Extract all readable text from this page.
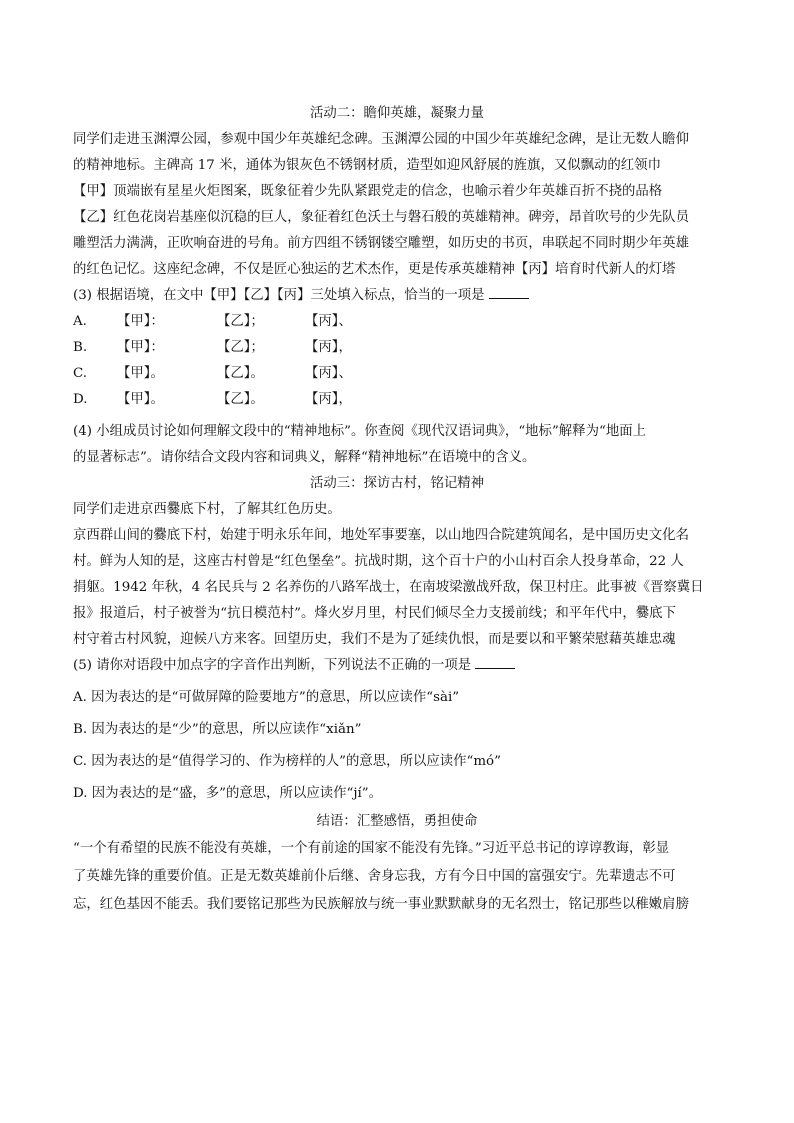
活动二：瞻仰英雄，凝聚力量
同学们走进玉渊潭公园，参观中国少年英雄纪念碑。玉渊潭公园的中国少年英雄纪念碑，是让无数人瞻仰
的精神地标。主碑高 17 米，通体为银灰色不锈钢材质，造型如迎风舒展的旌旗，又似飘动的红领巾
【甲】顶端嵌有星星火炬图案，既象征着少先队紧跟党走的信念，也喻示着少年英雄百折不挠的品格
【乙】红色花岗岩基座似沉稳的巨人，象征着红色沃土与磐石般的英雄精神。碑旁，昂首吹号的少先队员
雕塑活力满满，正吹响奋进的号角。前方四组不锈钢镂空雕塑，如历史的书页，串联起不同时期少年英雄
的红色记忆。这座纪念碑，不仅是匠心独运的艺术杰作，更是传承英雄精神【丙】培育时代新人的灯塔
(3) 根据语境，在文中【甲】【乙】【丙】三处填入标点，恰当的一项是
A.	【甲】：	【乙】；	【丙】、
B.	【甲】：	【乙】；	【丙】，
C.	【甲】。	【乙】。	【丙】、
D.	【甲】。	【乙】。	【丙】，
(4) 小组成员讨论如何理解文段中的“精神地标”。你查阅《现代汉语词典》，“地标”解释为“地面上
的显著标志”。请你结合文段内容和词典义，解释“精神地标”在语境中的含义。
活动三：探访古村，铭记精神
同学们走进京西爨底下村，了解其红色历史。
京西群山间的爨底下村，始建于明永乐年间，地处军事要塞，以山地四合院建筑闻名，是中国历史文化名
村。鲜为人知的是，这座古村曾是“红色堡垒”。抗战时期，这个百十户的小山村百余人投身革命，22 人
捐躯。1942 年秋，4 名民兵与 2 名养伤的八路军战士，在南坡梁激战歼敌，保卫村庄。此事被《晋察冀日
报》报道后，村子被誉为“抗日模范村”。烽火岁月里，村民们倾尽全力支援前线；和平年代中，爨底下
村守着古村风貌，迎候八方来客。回望历史，我们不是为了延续仇恨，而是要以和平繁荣慰藉英雄忠魂
(5) 请你对语段中加点字的字音作出判断，下列说法不正确的一项是
A. 因为表达的是“可做屏障的险要地方”的意思，所以应读作“sài”
B. 因为表达的是“少”的意思，所以应读作“xiǎn”
C. 因为表达的是“值得学习的、作为榜样的人”的意思，所以应读作“mó”
D. 因为表达的是“盛，多”的意思，所以应读作“jí”。
结语：汇整感悟，勇担使命
“一个有希望的民族不能没有英雄，一个有前途的国家不能没有先锋。”习近平总书记的谆谆教诲，彰显
了英雄先锋的重要价值。正是无数英雄前仆后继、舍身忘我，方有今日中国的富强安宁。先辈遗志不可
忘，红色基因不能丢。我们要铭记那些为民族解放与统一事业默默献身的无名烈士，铭记那些以稚嫩肩膀
